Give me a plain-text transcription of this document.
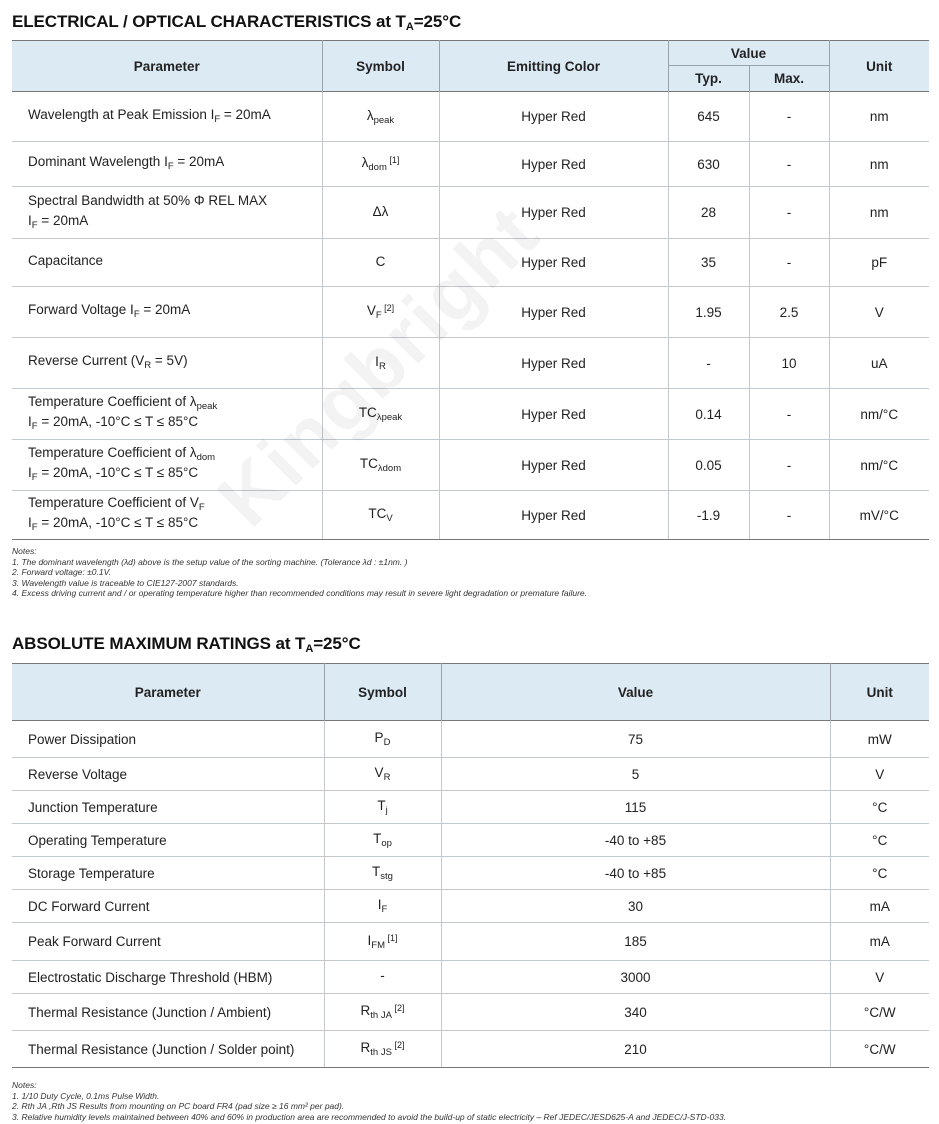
ELECTRICAL / OPTICAL CHARACTERISTICS at $T_A=25^\circ C$
Parameter	Symbol	Emitting Color	Value		Unit
			Typ.	Max.	
Wavelength at Peak Emission $I_F = 20mA$	$\lambda_{peak}$	Hyper Red	645	-	nm
Dominant Wavelength $I_F = 20mA$	$\lambda_{dom}$ [1]	Hyper Red	630	-	nm
Spectral Bandwidth at 50% Φ REL MAX
$I_F = 20mA$	Δλ	Hyper Red	28	-	nm
Capacitance	C	Hyper Red	35	-	pF
Forward Voltage $I_F = 20mA$	$V_F$ [2]	Hyper Red	1.95	2.5	V
Reverse Current $(V_R = 5V)$	$I_R$	Hyper Red	-	10	uA
Temperature Coefficient of $\lambda_{peak}$
$I_F = 20mA$, -10°C ≤ T ≤ 85°C	$TC_{\lambda peak}$	Hyper Red	0.14	-	nm/°C
Temperature Coefficient of $\lambda_{dom}$
$I_F = 20mA$, -10°C ≤ T ≤ 85°C	$TC_{\lambda dom}$	Hyper Red	0.05	-	nm/°C
Temperature Coefficient of $V_F$
$I_F = 20mA$, -10°C ≤ T ≤ 85°C	$TC_V$	Hyper Red	-1.9	-	mV/°C
Notes:
1. The dominant wavelength (λd) above is the setup value of the sorting machine. (Tolerance λd : ±1nm. )
2. Forward voltage: ±0.1V.
3. Wavelength value is traceable to CIE127-2007 standards.
4. Excess driving current and / or operating temperature higher than recommended conditions may result in severe light degradation or premature failure.
ABSOLUTE MAXIMUM RATINGS at $T_A=25^\circ C$
Parameter	Symbol	Value	Unit
Power Dissipation	$P_D$	75	mW
Reverse Voltage	$V_R$	5	V
Junction Temperature	$T_j$	115	°C
Operating Temperature	$T_{op}$	-40 to +85	°C
Storage Temperature	$T_{stg}$	-40 to +85	°C
DC Forward Current	$I_F$	30	mA
Peak Forward Current	$I_{FM}$ [1]	185	mA
Electrostatic Discharge Threshold (HBM)	-	3000	V
Thermal Resistance (Junction / Ambient)	$R_{th JA}$ [2]	340	°C/W
Thermal Resistance (Junction / Solder point)	$R_{th JS}$ [2]	210	°C/W
Notes:
1. 1/10 Duty Cycle, 0.1ms Pulse Width.
2. Rth JA ,Rth JS Results from mounting on PC board FR4 (pad size ≥ 16 mm² per pad).
3. Relative humidity levels maintained between 40% and 60% in production area are recommended to avoid the build-up of static electricity – Ref JEDEC/JESD625-A and JEDEC/J-STD-033.
